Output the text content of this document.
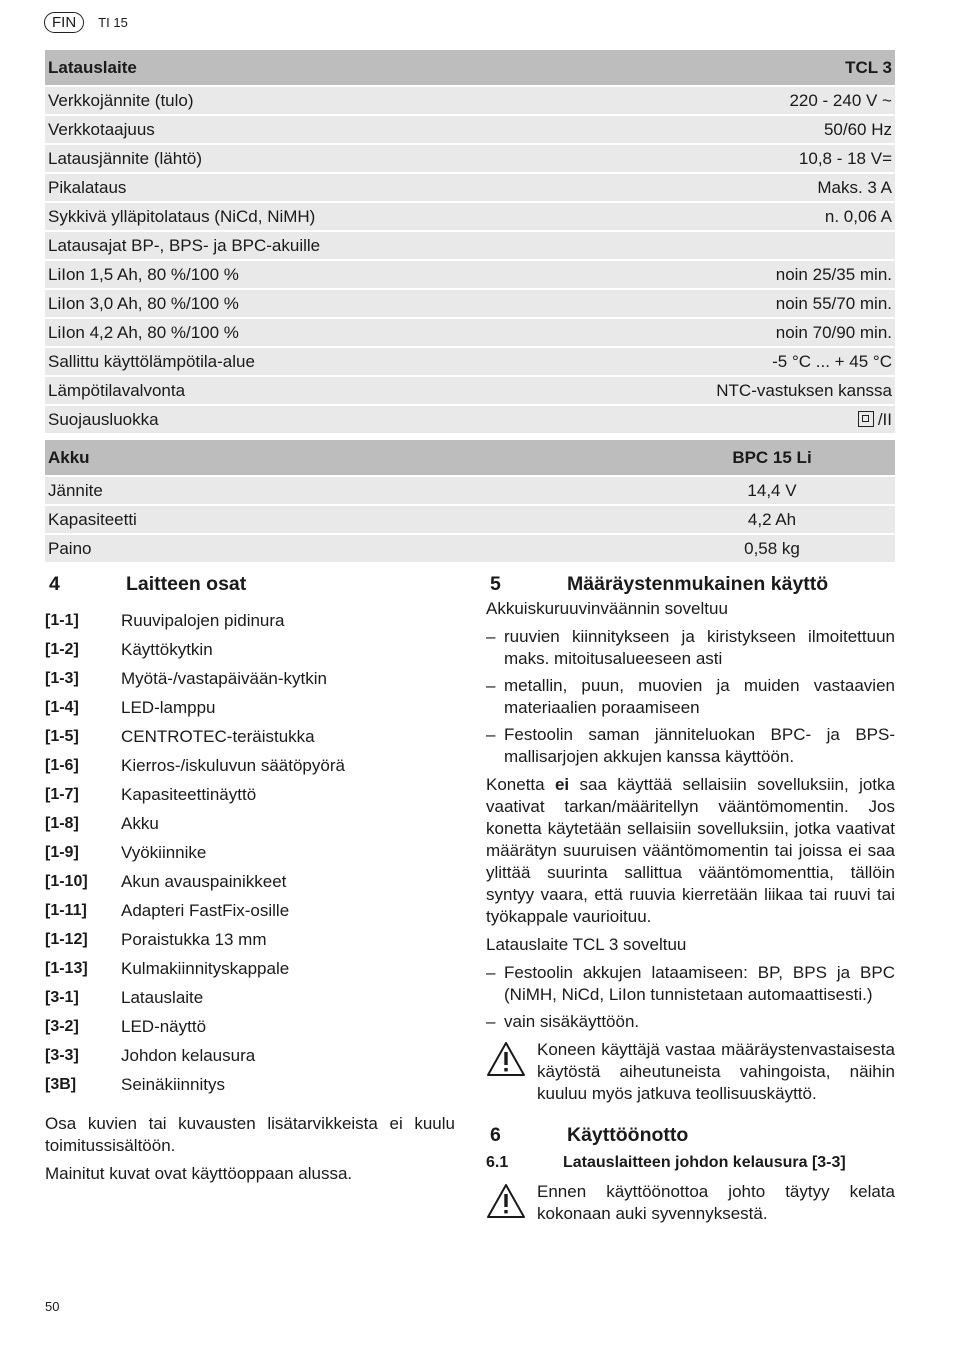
FIN	TI 15
Latauslaite	TCL 3
Verkkojännite (tulo)	220 - 240 V ~
Verkkotaajuus	50/60 Hz
Latausjännite (lähtö)	10,8 - 18 V=
Pikalataus	Maks. 3 A
Sykkivä ylläpitolataus (NiCd, NiMH)	n. 0,06 A
Latausajat BP-, BPS- ja BPC-akuille	
LiIon 1,5 Ah, 80 %/100 %	noin 25/35 min.
LiIon 3,0 Ah, 80 %/100 %	noin 55/70 min.
LiIon 4,2 Ah, 80 %/100 %	noin 70/90 min.
Sallittu käyttölämpötila-alue	-5 °C ... + 45 °C
Lämpötilavalvonta	NTC-vastuksen kanssa
Suojausluokka	/II
Akku	BPC 15 Li
Jännite	14,4 V
Kapasiteetti	4,2 Ah
Paino	0,58 kg
4	Laitteen osat
[1-1]	Ruuvipalojen pidinura
[1-2]	Käyttökytkin
[1-3]	Myötä-/vastapäivään-kytkin
[1-4]	LED-lamppu
[1-5]	CENTROTEC-teräistukka
[1-6]	Kierros-/iskuluvun säätöpyörä
[1-7]	Kapasiteettinäyttö
[1-8]	Akku
[1-9]	Vyökiinnike
[1-10]	Akun avauspainikkeet
[1-11]	Adapteri FastFix-osille
[1-12]	Poraistukka 13 mm
[1-13]	Kulmakiinnityskappale
[3-1]	Latauslaite
[3-2]	LED-näyttö
[3-3]	Johdon kelausura
[3B]	Seinäkiinnitys

Osa kuvien tai kuvausten lisätarvikkeista ei kuulu toimitussisältöön.

Mainitut kuvat ovat käyttöoppaan alussa.

5	Määräystenmukainen käyttö

Akkuiskuruuvinväännin soveltuu

– ruuvien kiinnitykseen ja kiristykseen ilmoitettuun maks. mitoitusalueeseen asti
– metallin, puun, muovien ja muiden vastaavien materiaalien poraamiseen
– Festoolin saman jänniteluokan BPC- ja BPS-mallisarjojen akkujen kanssa käyttöön.

Konetta ei saa käyttää sellaisiin sovelluksiin, jotka vaativat tarkan/määritellyn vääntömomentin. Jos konetta käytetään sellaisiin sovelluksiin, jotka vaativat määrätyn suuruisen vääntömomentin tai joissa ei saa ylittää suurinta sallittua vääntömomenttia, tällöin syntyy vaara, että ruuvia kierretään liikaa tai ruuvi tai työkappale vaurioituu.

Latauslaite TCL 3 soveltuu

– Festoolin akkujen lataamiseen: BP, BPS ja BPC (NiMH, NiCd, LiIon tunnistetaan automaattisesti.)
– vain sisäkäyttöön.

Koneen käyttäjä vastaa määräystenvastaisesta käytöstä aiheutuneista vahingoista, näihin kuuluu myös jatkuva teollisuuskäyttö.

6	Käyttöönotto
6.1	Latauslaitteen johdon kelausura [3-3]

Ennen käyttöönottoa johto täytyy kelata kokonaan auki syvennyksestä.

50
